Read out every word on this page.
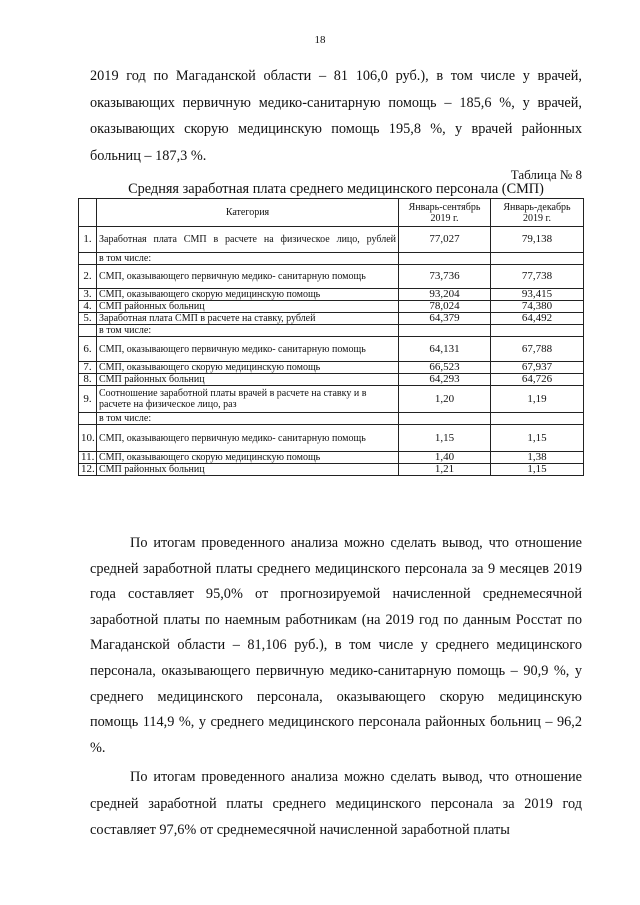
18

2019 год по Магаданской области – 81 106,0 руб.), в том числе у врачей, оказывающих первичную медико-санитарную помощь – 185,6 %, у врачей, оказывающих скорую медицинскую помощь 195,8 %, у врачей районных больниц – 187,3 %.

Таблица № 8
Средняя заработная плата среднего медицинского персонала (СМП)
	Категория	Январь-сентябрь 2019 г.	Январь-декабрь 2019 г.
1.	Заработная плата СМП в расчете на физическое лицо, рублей	77,027	79,138
	в том числе:		
2.	СМП, оказывающего первичную медико- санитарную помощь	73,736	77,738
3.	СМП, оказывающего скорую медицинскую помощь	93,204	93,415
4.	СМП районных больниц	78,024	74,380
5.	Заработная плата СМП в расчете на ставку, рублей	64,379	64,492
	в том числе:		
6.	СМП, оказывающего первичную медико- санитарную помощь	64,131	67,788
7.	СМП, оказывающего скорую медицинскую помощь	66,523	67,937
8.	СМП районных больниц	64,293	64,726
9.	Соотношение заработной платы врачей в расчете на ставку и в расчете на физическое лицо, раз	1,20	1,19
	в том числе:		
10.	СМП, оказывающего первичную медико- санитарную помощь	1,15	1,15
11.	СМП, оказывающего скорую медицинскую помощь	1,40	1,38
12.	СМП районных больниц	1,21	1,15

По итогам проведенного анализа можно сделать вывод, что отношение средней заработной платы среднего медицинского персонала за 9 месяцев 2019 года составляет 95,0% от прогнозируемой начисленной среднемесячной заработной платы по наемным работникам (на 2019 год по данным Росстат по Магаданской области – 81,106 руб.), в том числе у среднего медицинского персонала, оказывающего первичную медико-санитарную помощь – 90,9 %, у среднего медицинского персонала, оказывающего скорую медицинскую помощь 114,9 %, у среднего медицинского персонала районных больниц – 96,2 %.

По итогам проведенного анализа можно сделать вывод, что отношение средней заработной платы среднего медицинского персонала за 2019 год составляет 97,6% от среднемесячной начисленной заработной платы
